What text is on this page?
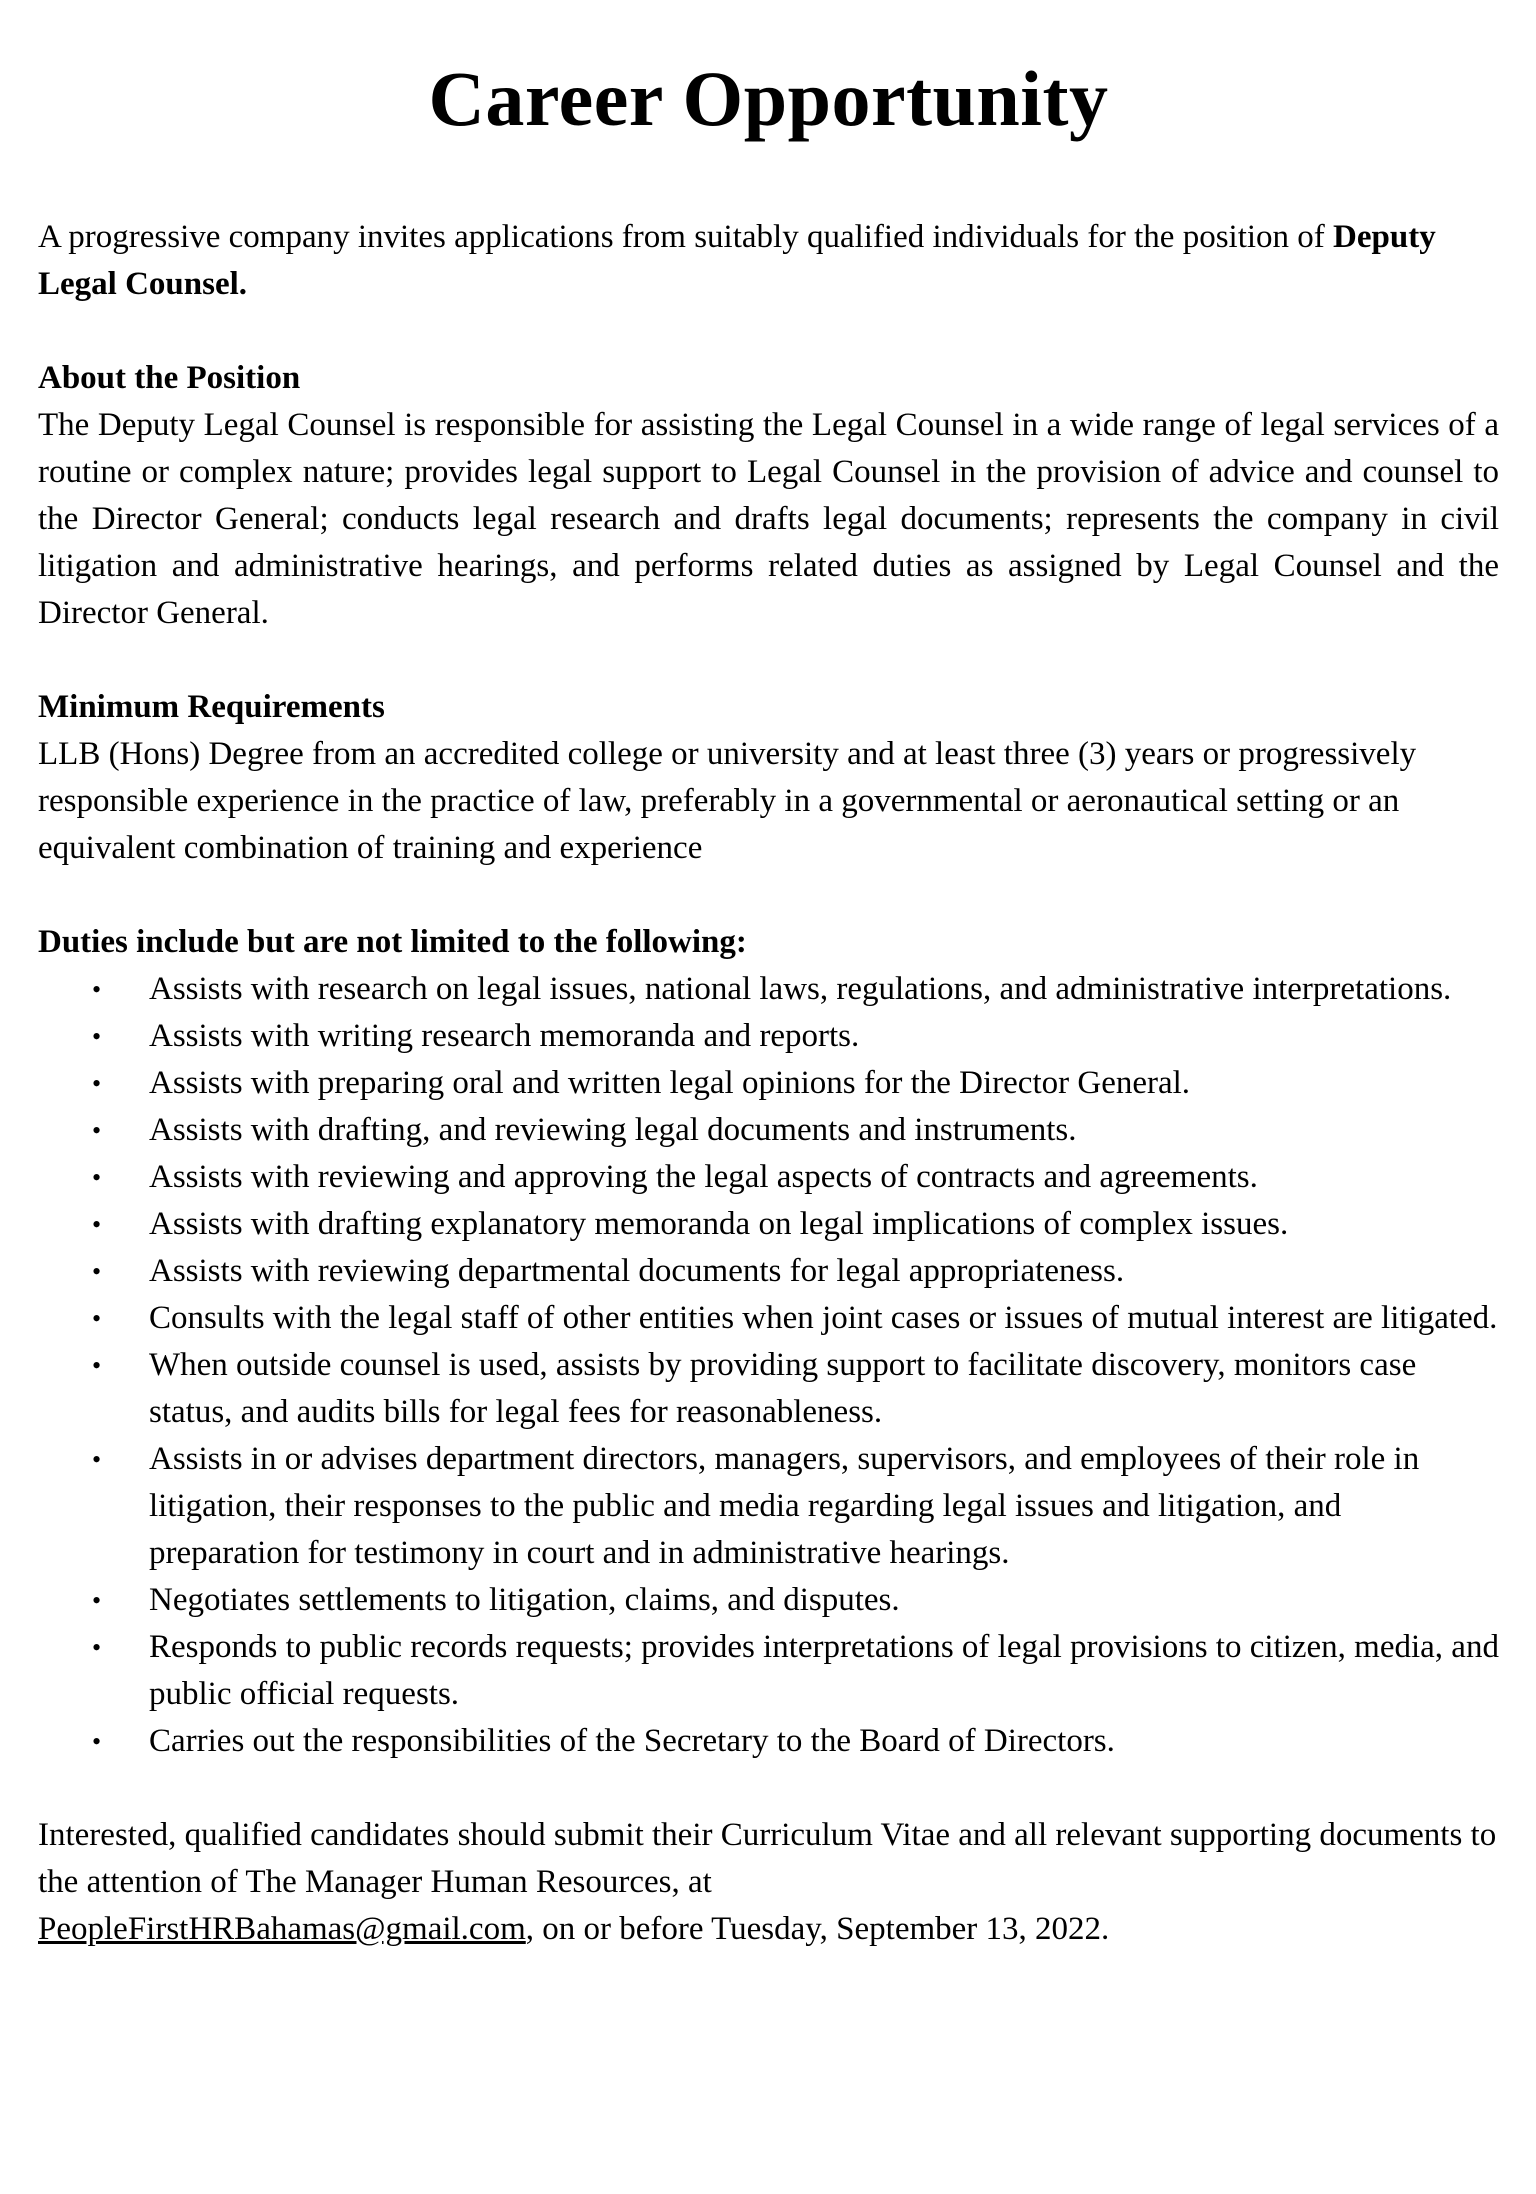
Career Opportunity

A progressive company invites applications from suitably qualified individuals for the position of Deputy Legal Counsel.

About the Position

The Deputy Legal Counsel is responsible for assisting the Legal Counsel in a wide range of legal services of a routine or complex nature; provides legal support to Legal Counsel in the provision of advice and counsel to the Director General; conducts legal research and drafts legal documents; represents the company in civil litigation and administrative hearings, and performs related duties as assigned by Legal Counsel and the Director General.

Minimum Requirements

LLB (Hons) Degree from an accredited college or university and at least three (3) years or progressively responsible experience in the practice of law, preferably in a governmental or aeronautical setting or an equivalent combination of training and experience

Duties include but are not limited to the following:
• Assists with research on legal issues, national laws, regulations, and administrative interpretations.
• Assists with writing research memoranda and reports.
• Assists with preparing oral and written legal opinions for the Director General.
• Assists with drafting, and reviewing legal documents and instruments.
• Assists with reviewing and approving the legal aspects of contracts and agreements.
• Assists with drafting explanatory memoranda on legal implications of complex issues.
• Assists with reviewing departmental documents for legal appropriateness.
• Consults with the legal staff of other entities when joint cases or issues of mutual interest are litigated.
• When outside counsel is used, assists by providing support to facilitate discovery, monitors case status, and audits bills for legal fees for reasonableness.
• Assists in or advises department directors, managers, supervisors, and employees of their role in litigation, their responses to the public and media regarding legal issues and litigation, and preparation for testimony in court and in administrative hearings.
• Negotiates settlements to litigation, claims, and disputes.
• Responds to public records requests; provides interpretations of legal provisions to citizen, media, and public official requests.
• Carries out the responsibilities of the Secretary to the Board of Directors.

Interested, qualified candidates should submit their Curriculum Vitae and all relevant supporting documents to the attention of The Manager Human Resources, at
PeopleFirstHRBahamas@gmail.com, on or before Tuesday, September 13, 2022.
